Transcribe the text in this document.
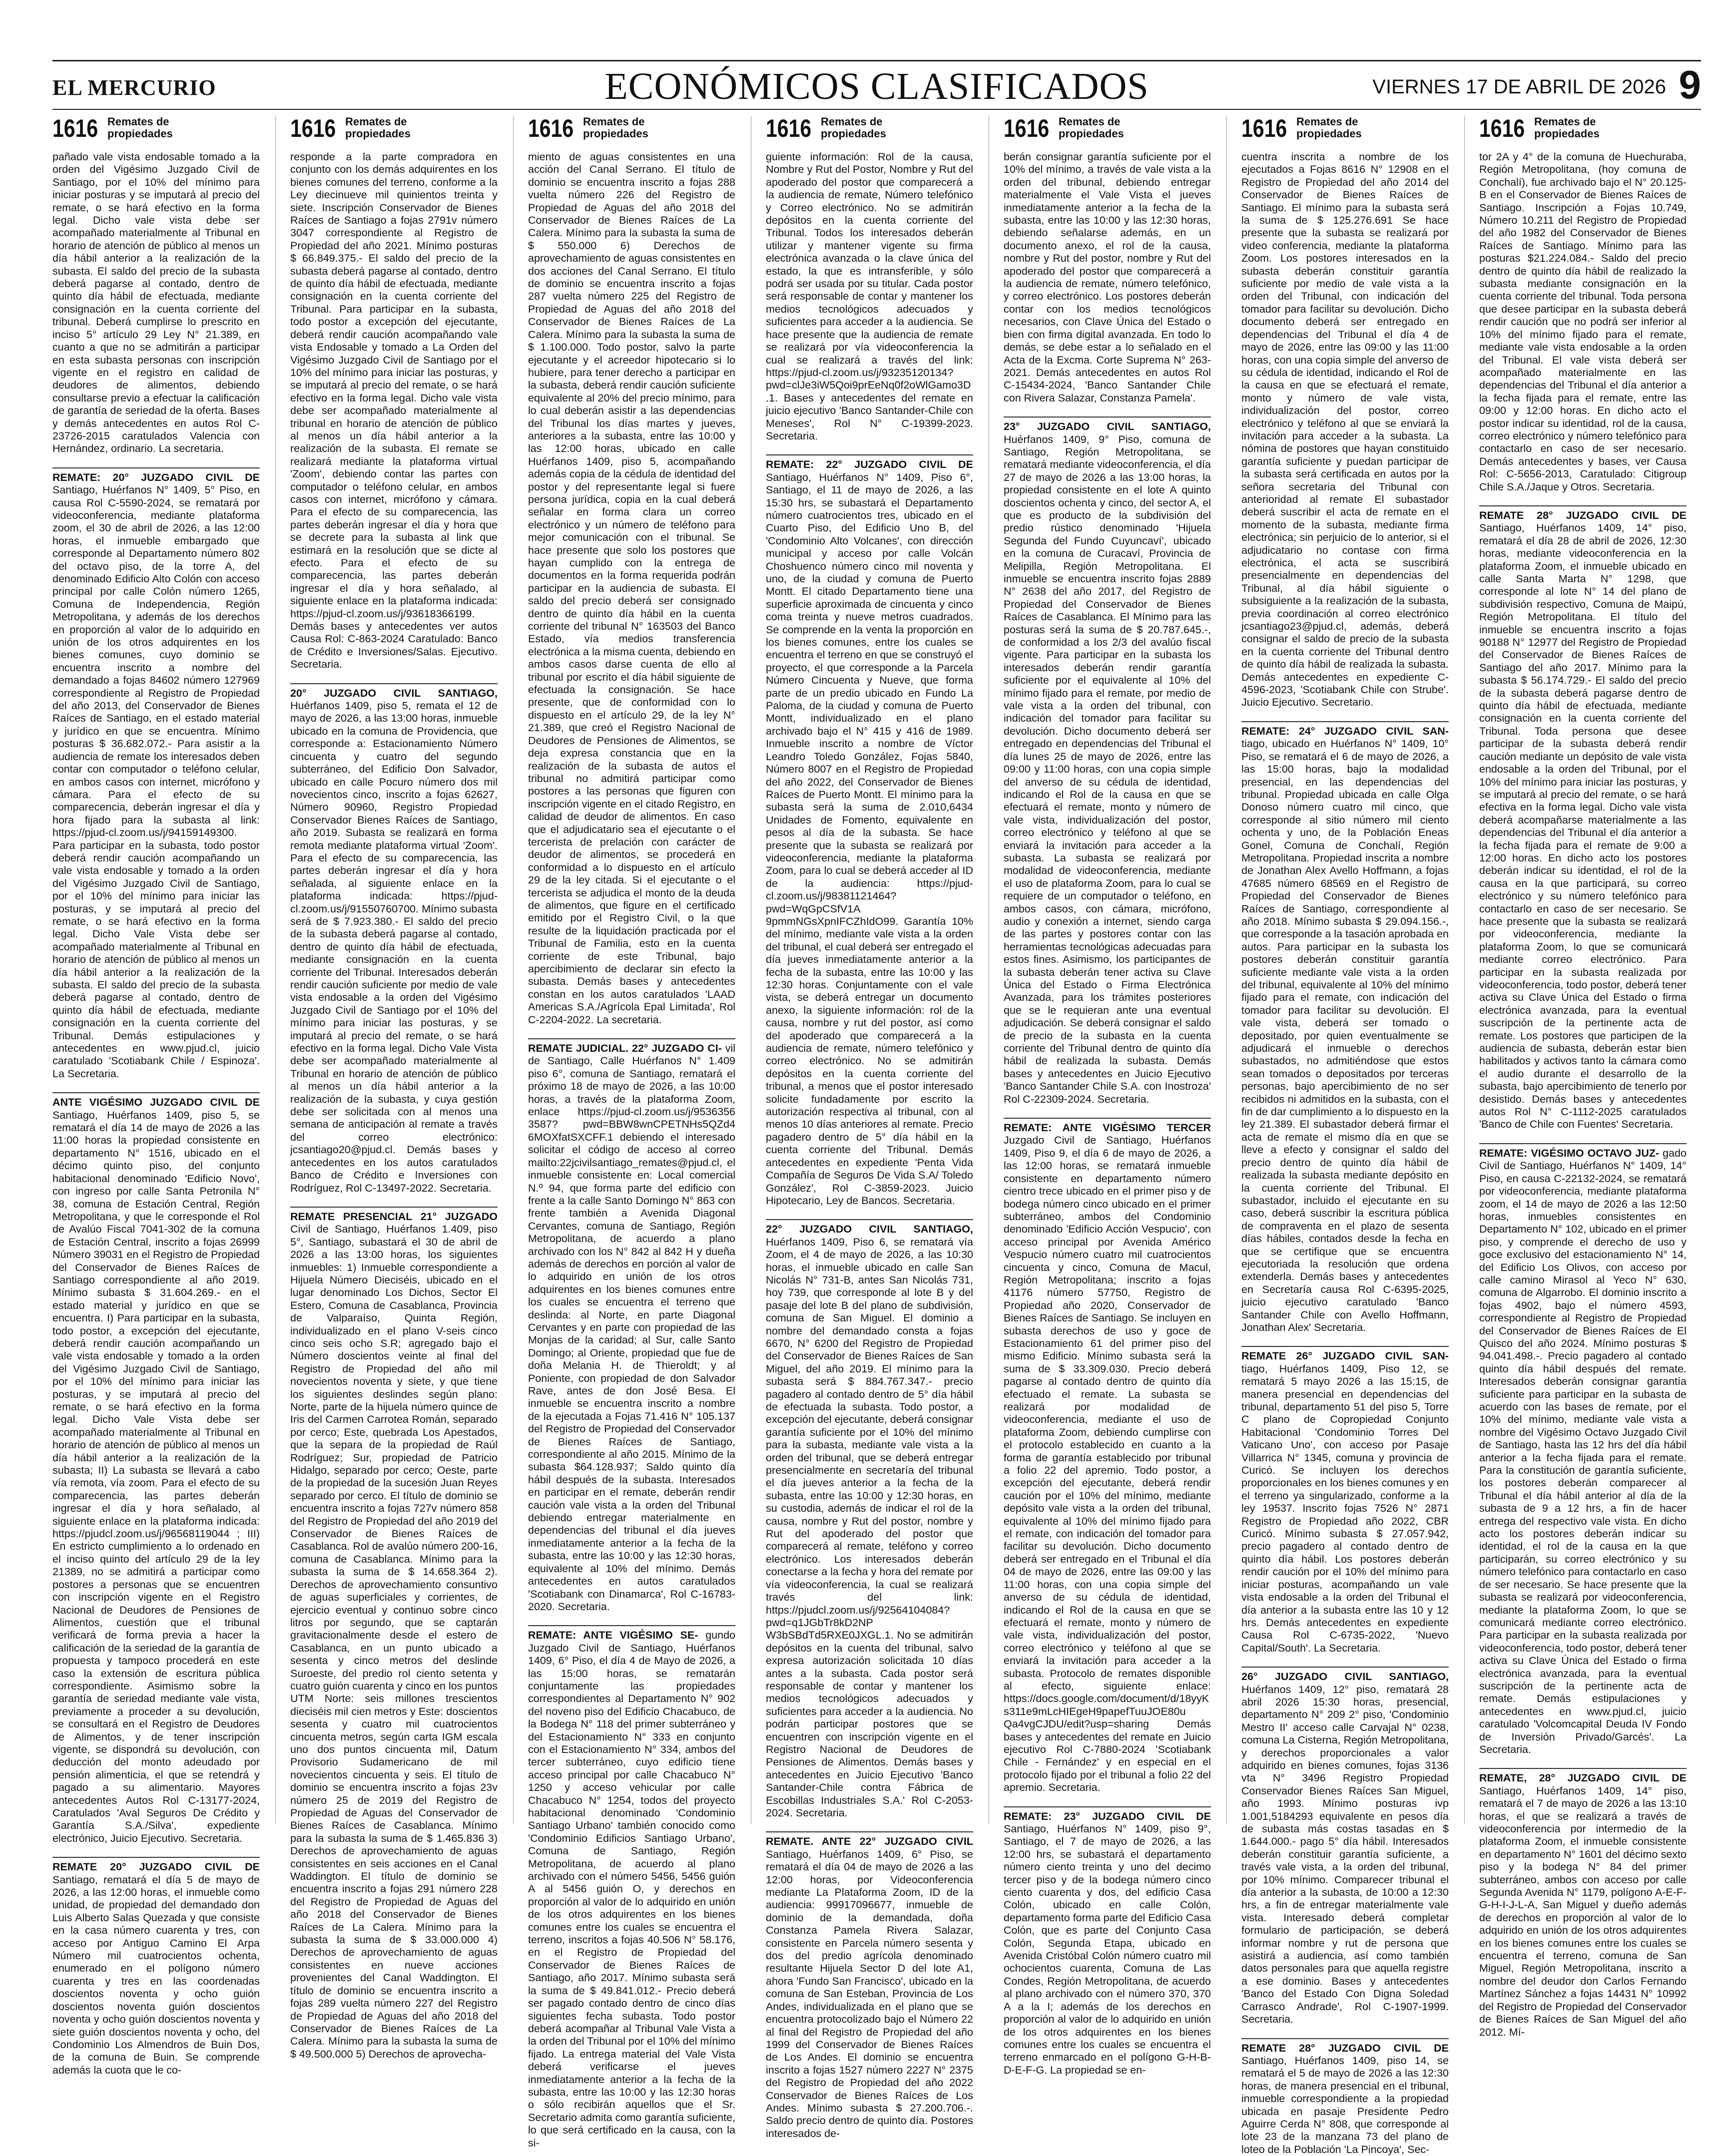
EL MERCURIO	ECONÓMICOS CLASIFICADOS	VIERNES 17 DE ABRIL DE 2026 9
1616 Remates de
propiedades
pañado vale vista endosable tomado a la orden del Vigésimo Juzgado Civil de Santiago, por el 10% del mínimo para iniciar posturas y se imputará al precio del remate, o se hará efectivo en la forma legal. Dicho vale vista debe ser acompañado materialmente al Tribunal en horario de atención de público al menos un día hábil anterior a la realización de la subasta. El saldo del precio de la subasta deberá pagarse al contado, dentro de quinto día hábil de efectuada, mediante consignación en la cuenta corriente del tribunal. Deberá cumplirse lo prescrito en inciso 5° artículo 29 Ley N° 21.389, en cuanto a que no se admitirán a participar en esta subasta personas con inscripción vigente en el registro en calidad de deudores de alimentos, debiendo consultarse previo a efectuar la calificación de garantía de seriedad de la oferta. Bases y demás antecedentes en autos Rol C-23726-2015 caratulados Valencia con Hernández, ordinario. La secretaria.
REMATE: 20° JUZGADO CIVIL DE Santiago, Huérfanos N° 1409, 5° Piso, en causa Rol C-5590-2024, se rematará por videoconferencia, mediante plataforma zoom, el 30 de abril de 2026, a las 12:00 horas, el inmueble embargado que corresponde al Departamento número 802 del octavo piso, de la torre A, del denominado Edificio Alto Colón con acceso principal por calle Colón número 1265, Comuna de Independencia, Región Metropolitana, y además de los derechos en proporción al valor de lo adquirido en unión de los otros adquirentes en los bienes comunes, cuyo dominio se encuentra inscrito a nombre del demandado a fojas 84602 número 127969 correspondiente al Registro de Propiedad del año 2013, del Conservador de Bienes Raíces de Santiago, en el estado material y jurídico en que se encuentra. Mínimo posturas $ 36.682.072.- Para asistir a la audiencia de remate los interesados deben contar con computador o teléfono celular, en ambos casos con internet, micrófono y cámara. Para el efecto de su comparecencia, deberán ingresar el día y hora fijado para la subasta al link: https://pjud-cl.zoom.us/j/94159149300. Para participar en la subasta, todo postor deberá rendir caución acompañando un vale vista endosable y tomado a la orden del Vigésimo Juzgado Civil de Santiago, por el 10% del mínimo para iniciar las posturas, y se imputará al precio del remate, o se hará efectivo en la forma legal. Dicho Vale Vista debe ser acompañado materialmente al Tribunal en horario de atención de público al menos un día hábil anterior a la realización de la subasta. El saldo del precio de la subasta deberá pagarse al contado, dentro de quinto día hábil de efectuada, mediante consignación en la cuenta corriente del Tribunal. Demás estipulaciones y antecedentes en www.pjud.cl, juicio caratulado 'Scotiabank Chile / Espinoza'. La Secretaria.
ANTE VIGÉSIMO JUZGADO CIVIL DE Santiago, Huérfanos 1409, piso 5, se rematará el día 14 de mayo de 2026 a las 11:00 horas la propiedad consistente en departamento N° 1516, ubicado en el décimo quinto piso, del conjunto habitacional denominado 'Edificio Novo', con ingreso por calle Santa Petronila N° 38, comuna de Estación Central, Región Metropolitana, y que le corresponde el Rol de Avalúo Fiscal 7041-302 de la comuna de Estación Central, inscrito a fojas 26999 Número 39031 en el Registro de Propiedad del Conservador de Bienes Raíces de Santiago correspondiente al año 2019. Mínimo subasta $ 31.604.269.- en el estado material y jurídico en que se encuentra. I) Para participar en la subasta, todo postor, a excepción del ejecutante, deberá rendir caución acompañando un vale vista endosable y tomado a la orden del Vigésimo Juzgado Civil de Santiago, por el 10% del mínimo para iniciar las posturas, y se imputará al precio del remate, o se hará efectivo en la forma legal. Dicho Vale Vista debe ser acompañado materialmente al Tribunal en horario de atención de público al menos un día hábil anterior a la realización de la subasta; II) La subasta se llevará a cabo vía remota, vía zoom. Para el efecto de su comparecencia, las partes deberán ingresar el día y hora señalado, al siguiente enlace en la plataforma indicada: https://pjudcl.zoom.us/j/96568119044 ; III) En estricto cumplimiento a lo ordenado en el inciso quinto del artículo 29 de la ley 21389, no se admitirá a participar como postores a personas que se encuentren con inscripción vigente en el Registro Nacional de Deudores de Pensiones de Alimentos, cuestión que el tribunal verificará de forma previa a hacer la calificación de la seriedad de la garantía de propuesta y tampoco procederá en este caso la extensión de escritura pública correspondiente. Asimismo sobre la garantía de seriedad mediante vale vista, previamente a proceder a su devolución, se consultará en el Registro de Deudores de Alimentos, y de tener inscripción vigente, se dispondrá su devolución, con deducción del monto adeudado por pensión alimenticia, el que se retendrá y pagado a su alimentario. Mayores antecedentes Autos Rol C-13177-2024, Caratulados 'Aval Seguros De Crédito y Garantía S.A./Silva', expediente electrónico, Juicio Ejecutivo. Secretaria.
REMATE 20° JUZGADO CIVIL DE Santiago, rematará el día 5 de mayo de 2026, a las 12:00 horas, el inmueble como unidad, de propiedad del demandado don Luis Alberto Salas Quezada y que consiste en la casa número cuarenta y tres, con acceso por Antiguo Camino El Arpa Número mil cuatrocientos ochenta, enumerado en el polígono número cuarenta y tres en las coordenadas doscientos noventa y ocho guión doscientos noventa guión doscientos noventa y ocho guión doscientos noventa y siete guión doscientos noventa y ocho, del Condominio Los Almendros de Buin Dos, de la comuna de Buin. Se comprende además la cuota que le co-
1616 Remates de
propiedades
responde a la parte compradora en conjunto con los demás adquirentes en los bienes comunes del terreno, conforme a la Ley diecinueve mil quinientos treinta y siete. Inscripción Conservador de Bienes Raíces de Santiago a fojas 2791v número 3047 correspondiente al Registro de Propiedad del año 2021. Mínimo posturas $ 66.849.375.- El saldo del precio de la subasta deberá pagarse al contado, dentro de quinto día hábil de efectuada, mediante consignación en la cuenta corriente del Tribunal. Para participar en la subasta, todo postor a excepción del ejecutante, deberá rendir caución acompañando vale vista Endosable y tomado a La Orden del Vigésimo Juzgado Civil de Santiago por el 10% del mínimo para iniciar las posturas, y se imputará al precio del remate, o se hará efectivo en la forma legal. Dicho vale vista debe ser acompañado materialmente al tribunal en horario de atención de público al menos un día hábil anterior a la realización de la subasta. El remate se realizará mediante la plataforma virtual 'Zoom', debiendo contar las partes con computador o teléfono celular, en ambos casos con internet, micrófono y cámara. Para el efecto de su comparecencia, las partes deberán ingresar el día y hora que se decrete para la subasta al link que estimará en la resolución que se dicte al efecto. Para el efecto de su comparecencia, las partes deberán ingresar el día y hora señalado, al siguiente enlace en la plataforma indicada: https://pjud-cl.zoom.us/j/93618366199. Demás bases y antecedentes ver autos Causa Rol: C-863-2024 Caratulado: Banco de Crédito e Inversiones/Salas. Ejecutivo. Secretaria.
20° JUZGADO CIVIL SANTIAGO, Huérfanos 1409, piso 5, remata el 12 de mayo de 2026, a las 13:00 horas, inmueble ubicado en la comuna de Providencia, que corresponde a: Estacionamiento Número cincuenta y cuatro del segundo subterráneo, del Edificio Don Salvador, ubicado en calle Pocuro número dos mil novecientos cinco, inscrito a fojas 62627, Número 90960, Registro Propiedad Conservador Bienes Raíces de Santiago, año 2019. Subasta se realizará en forma remota mediante plataforma virtual 'Zoom'. Para el efecto de su comparecencia, las partes deberán ingresar el día y hora señalada, al siguiente enlace en la plataforma indicada: https://pjud-cl.zoom.us/j/91550760700. Mínimo subasta será de $ 7.923.380.- El saldo del precio de la subasta deberá pagarse al contado, dentro de quinto día hábil de efectuada, mediante consignación en la cuenta corriente del Tribunal. Interesados deberán rendir caución suficiente por medio de vale vista endosable a la orden del Vigésimo Juzgado Civil de Santiago por el 10% del mínimo para iniciar las posturas, y se imputará al precio del remate, o se hará efectivo en la forma legal. Dicho Vale Vista debe ser acompañado materialmente al Tribunal en horario de atención de público al menos un día hábil anterior a la realización de la subasta, y cuya gestión debe ser solicitada con al menos una semana de anticipación al remate a través del correo electrónico: jcsantiago20@pjud.cl. Demás bases y antecedentes en los autos caratulados Banco de Crédito e Inversiones con Rodríguez, Rol C-13497-2022. Secretaria.
REMATE PRESENCIAL 21° JUZGADO Civil de Santiago, Huérfanos 1.409, piso 5°, Santiago, subastará el 30 de abril de 2026 a las 13:00 horas, los siguientes inmuebles: 1) Inmueble correspondiente a Hijuela Número Dieciséis, ubicado en el lugar denominado Los Dichos, Sector El Estero, Comuna de Casablanca, Provincia de Valparaíso, Quinta Región, individualizado en el plano V-seis cinco cinco seis ocho S.R; agregado bajo el Número doscientos veinte al final del Registro de Propiedad del año mil novecientos noventa y siete, y que tiene los siguientes deslindes según plano: Norte, parte de la hijuela número quince de Iris del Carmen Carrotea Román, separado por cerco; Este, quebrada Los Apestados, que la separa de la propiedad de Raúl Rodríguez; Sur, propiedad de Patricio Hidalgo, separado por cerco; Oeste, parte de la propiedad de la sucesión Juan Reyes separado por cerco. El título de dominio se encuentra inscrito a fojas 727v número 858 del Registro de Propiedad del año 2019 del Conservador de Bienes Raíces de Casablanca. Rol de avalúo número 200-16, comuna de Casablanca. Mínimo para la subasta la suma de $ 14.658.364 2). Derechos de aprovechamiento consuntivo de aguas superficiales y corrientes, de ejercicio eventual y continuo sobre cinco litros por segundo, que se captarán gravitacionalmente desde el estero de Casablanca, en un punto ubicado a sesenta y cinco metros del deslinde Suroeste, del predio rol ciento setenta y cuatro guión cuarenta y cinco en los puntos UTM Norte: seis millones trescientos dieciséis mil cien metros y Este: doscientos sesenta y cuatro mil cuatrocientos cincuenta metros, según carta IGM escala uno dos puntos cincuenta mil, Datum Provisorio Sudamericano de mil novecientos cincuenta y seis. El título de dominio se encuentra inscrito a fojas 23v número 25 de 2019 del Registro de Propiedad de Aguas del Conservador de Bienes Raíces de Casablanca. Mínimo para la subasta la suma de $ 1.465.836 3) Derechos de aprovechamiento de aguas consistentes en seis acciones en el Canal Waddington. El título de dominio se encuentra inscrito a fojas 291 número 228 del Registro de Propiedad de Aguas del año 2018 del Conservador de Bienes Raíces de La Calera. Mínimo para la subasta la suma de $ 33.000.000 4) Derechos de aprovechamiento de aguas consistentes en nueve acciones provenientes del Canal Waddington. El título de dominio se encuentra inscrito a fojas 289 vuelta número 227 del Registro de Propiedad de Aguas del año 2018 del Conservador de Bienes Raíces de La Calera. Mínimo para la subasta la suma de $ 49.500.000 5) Derechos de aprovecha-
1616 Remates de
propiedades
miento de aguas consistentes en una acción del Canal Serrano. El título de dominio se encuentra inscrito a fojas 288 vuelta número 226 del Registro de Propiedad de Aguas del año 2018 del Conservador de Bienes Raíces de La Calera. Mínimo para la subasta la suma de $ 550.000 6) Derechos de aprovechamiento de aguas consistentes en dos acciones del Canal Serrano. El título de dominio se encuentra inscrito a fojas 287 vuelta número 225 del Registro de Propiedad de Aguas del año 2018 del Conservador de Bienes Raíces de La Calera. Mínimo para la subasta la suma de $ 1.100.000. Todo postor, salvo la parte ejecutante y el acreedor hipotecario si lo hubiere, para tener derecho a participar en la subasta, deberá rendir caución suficiente equivalente al 20% del precio mínimo, para lo cual deberán asistir a las dependencias del Tribunal los días martes y jueves, anteriores a la subasta, entre las 10:00 y las 12:00 horas, ubicado en calle Huérfanos 1409, piso 5, acompañando además copia de la cédula de identidad del postor y del representante legal si fuere persona jurídica, copia en la cual deberá señalar en forma clara un correo electrónico y un número de teléfono para mejor comunicación con el tribunal. Se hace presente que solo los postores que hayan cumplido con la entrega de documentos en la forma requerida podrán participar en la audiencia de subasta. El saldo del precio deberá ser consignado dentro de quinto día hábil en la cuenta corriente del tribunal N° 163503 del Banco Estado, vía medios transferencia electrónica a la misma cuenta, debiendo en ambos casos darse cuenta de ello al tribunal por escrito el día hábil siguiente de efectuada la consignación. Se hace presente, que de conformidad con lo dispuesto en el artículo 29, de la ley N° 21.389, que creó el Registro Nacional de Deudores de Pensiones de Alimentos, se deja expresa constancia que en la realización de la subasta de autos el tribunal no admitirá participar como postores a las personas que figuren con inscripción vigente en el citado Registro, en calidad de deudor de alimentos. En caso que el adjudicatario sea el ejecutante o el tercerista de prelación con carácter de deudor de alimentos, se procederá en conformidad a lo dispuesto en el artículo 29 de la ley citada. Si el ejecutante o el tercerista se adjudica el monto de la deuda de alimentos, que figure en el certificado emitido por el Registro Civil, o la que resulte de la liquidación practicada por el Tribunal de Familia, esto en la cuenta corriente de este Tribunal, bajo apercibimiento de declarar sin efecto la subasta. Demás bases y antecedentes constan en los autos caratulados 'LAAD Americas S.A./Agrícola Epal Limitada', Rol C-2204-2022. La secretaria.
REMATE JUDICIAL. 22° JUZGADO CI- vil de Santiago, Calle Huérfanos N° 1.409 piso 6°, comuna de Santiago, rematará el próximo 18 de mayo de 2026, a las 10:00 horas, a través de la plataforma Zoom, enlace https://pjud-cl.zoom.us/j/9536356 3587? pwd=BBW8wnCPETNHs5QZd4 6MOXfatSXCFF.1 debiendo el interesado solicitar el código de acceso al correo mailto:22jcivilsantiago_remates@pjud.cl, el inmueble consistente en: Local comercial N.º 94, que forma parte del edificio con frente a la calle Santo Domingo N° 863 con frente también a Avenida Diagonal Cervantes, comuna de Santiago, Región Metropolitana, de acuerdo a plano archivado con los N° 842 al 842 H y dueña además de derechos en porción al valor de lo adquirido en unión de los otros adquirentes en los bienes comunes entre los cuales se encuentra el terreno que deslinda: al Norte, en parte Diagonal Cervantes y en parte con propiedad de las Monjas de la caridad; al Sur, calle Santo Domingo; al Oriente, propiedad que fue de doña Melania H. de Thieroldt; y al Poniente, con propiedad de don Salvador Rave, antes de don José Besa. El inmueble se encuentra inscrito a nombre de la ejecutada a Fojas 71.416 N° 105.137 del Registro de Propiedad del Conservador de Bienes Raíces de Santiago, correspondiente al año 2015. Mínimo de la subasta $64.128.937; Saldo quinto día hábil después de la subasta. Interesados en participar en el remate, deberán rendir caución vale vista a la orden del Tribunal debiendo entregar materialmente en dependencias del tribunal el día jueves inmediatamente anterior a la fecha de la subasta, entre las 10:00 y las 12:30 horas, equivalente al 10% del mínimo. Demás antecedentes en autos caratulados 'Scotiabank con Dinamarca', Rol C-16783-2020. Secretaria.
REMATE: ANTE VIGÉSIMO SE- gundo Juzgado Civil de Santiago, Huérfanos 1409, 6° Piso, el día 4 de Mayo de 2026, a las 15:00 horas, se rematarán conjuntamente las propiedades correspondientes al Departamento N° 902 del noveno piso del Edificio Chacabuco, de la Bodega N° 118 del primer subterráneo y del Estacionamiento N° 333 en conjunto con el Estacionamiento N° 334, ambos del tercer subterráneo, cuyo edificio tiene acceso principal por calle Chacabuco N° 1250 y acceso vehicular por calle Chacabuco N° 1254, todos del proyecto habitacional denominado 'Condominio Santiago Urbano' también conocido como 'Condominio Edificios Santiago Urbano', Comuna de Santiago, Región Metropolitana, de acuerdo al plano archivado con el número 5456, 5456 guión A al 5456 guión O, y derechos en proporción al valor de lo adquirido en unión de los otros adquirentes en los bienes comunes entre los cuales se encuentra el terreno, inscritos a fojas 40.506 N° 58.176, en el Registro de Propiedad del Conservador de Bienes Raíces de Santiago, año 2017. Mínimo subasta será la suma de $ 49.841.012.- Precio deberá ser pagado contado dentro de cinco días siguientes fecha subasta. Todo postor deberá acompañar al Tribunal Vale Vista a la orden del Tribunal por el 10% del mínimo fijado. La entrega material del Vale Vista deberá verificarse el jueves inmediatamente anterior a la fecha de la subasta, entre las 10:00 y las 12:30 horas o sólo recibirán aquellos que el Sr. Secretario admita como garantía suficiente, lo que será certificado en la causa, con la si-
1616 Remates de
propiedades
guiente información: Rol de la causa, Nombre y Rut del Postor, Nombre y Rut del apoderado del postor que comparecerá a la audiencia de remate, Número telefónico y Correo electrónico. No se admitirán depósitos en la cuenta corriente del Tribunal. Todos los interesados deberán utilizar y mantener vigente su firma electrónica avanzada o la clave única del estado, la que es intransferible, y sólo podrá ser usada por su titular. Cada postor será responsable de contar y mantener los medios tecnológicos adecuados y suficientes para acceder a la audiencia. Se hace presente que la audiencia de remate se realizará por vía videoconferencia la cual se realizará a través del link: https://pjud-cl.zoom.us/j/93235120134?pwd=clJe3iW5Qoi9prEeNq0f2oWlGamo3D.1. Bases y antecedentes del remate en juicio ejecutivo 'Banco Santander-Chile con Meneses', Rol N° C-19399-2023. Secretaria.
REMATE: 22° JUZGADO CIVIL DE Santiago, Huérfanos N° 1409, Piso 6°, Santiago, el 11 de mayo de 2026, a las 15:30 hrs, se subastará el Departamento número cuatrocientos tres, ubicado en el Cuarto Piso, del Edificio Uno B, del 'Condominio Alto Volcanes', con dirección municipal y acceso por calle Volcán Choshuenco número cinco mil noventa y uno, de la ciudad y comuna de Puerto Montt. El citado Departamento tiene una superficie aproximada de cincuenta y cinco coma treinta y nueve metros cuadrados. Se comprende en la venta la proporción en los bienes comunes, entre los cuales se encuentra el terreno en que se construyó el proyecto, el que corresponde a la Parcela Número Cincuenta y Nueve, que forma parte de un predio ubicado en Fundo La Paloma, de la ciudad y comuna de Puerto Montt, individualizado en el plano archivado bajo el N° 415 y 416 de 1989. Inmueble inscrito a nombre de Víctor Leandro Toledo González, Fojas 5840, Número 8007 en el Registro de Propiedad del año 2022, del Conservador de Bienes Raíces de Puerto Montt. El mínimo para la subasta será la suma de 2.010,6434 Unidades de Fomento, equivalente en pesos al día de la subasta. Se hace presente que la subasta se realizará por videoconferencia, mediante la plataforma Zoom, para lo cual se deberá acceder al ID de la audiencia: https://pjud-cl.zoom.us/j/98381121464? pwd=WqGpCSfV1A 9pmmNGsXpnIFCZhIdO99. Garantía 10% del mínimo, mediante vale vista a la orden del tribunal, el cual deberá ser entregado el día jueves inmediatamente anterior a la fecha de la subasta, entre las 10:00 y las 12:30 horas. Conjuntamente con el vale vista, se deberá entregar un documento anexo, la siguiente información: rol de la causa, nombre y rut del postor, así como del apoderado que comparecerá a la audiencia de remate, número telefónico y correo electrónico. No se admitirán depósitos en la cuenta corriente del tribunal, a menos que el postor interesado solicite fundadamente por escrito la autorización respectiva al tribunal, con al menos 10 días anteriores al remate. Precio pagadero dentro de 5° día hábil en la cuenta corriente del Tribunal. Demás antecedentes en expediente 'Penta Vida Compañía de Seguros De Vida S.A/ Toledo González', Rol C-3859-2023. Juicio Hipotecario, Ley de Bancos. Secretaria.
22° JUZGADO CIVIL SANTIAGO, Huérfanos 1409, Piso 6, se rematará vía Zoom, el 4 de mayo de 2026, a las 10:30 horas, el inmueble ubicado en calle San Nicolás N° 731-B, antes San Nicolás 731, hoy 739, que corresponde al lote B y del pasaje del lote B del plano de subdivisión, comuna de San Miguel. El dominio a nombre del demandado consta a fojas 6670, N° 6200 del Registro de Propiedad del Conservador de Bienes Raíces de San Miguel, del año 2019. El mínimo para la subasta será $ 884.767.347.- precio pagadero al contado dentro de 5° día hábil de efectuada la subasta. Todo postor, a excepción del ejecutante, deberá consignar garantía suficiente por el 10% del mínimo para la subasta, mediante vale vista a la orden del tribunal, que se deberá entregar presencialmente en secretaría del tribunal el día jueves anterior a la fecha de la subasta, entre las 10:00 y 12:30 horas, en su custodia, además de indicar el rol de la causa, nombre y Rut del postor, nombre y Rut del apoderado del postor que comparecerá al remate, teléfono y correo electrónico. Los interesados deberán conectarse a la fecha y hora del remate por vía videoconferencia, la cual se realizará través del link: https://pjudcl.zoom.us/j/92564104084?pwd=q1JGbTr8kD2NP W3bSBdTd5RXE0JXGL.1. No se admitirán depósitos en la cuenta del tribunal, salvo expresa autorización solicitada 10 días antes a la subasta. Cada postor será responsable de contar y mantener los medios tecnológicos adecuados y suficientes para acceder a la audiencia. No podrán participar postores que se encuentren con inscripción vigente en el Registro Nacional de Deudores de Pensiones de Alimentos. Demás bases y antecedentes en Juicio Ejecutivo 'Banco Santander-Chile contra Fábrica de Escobillas Industriales S.A.' Rol C-2053-2024. Secretaria.
REMATE. ANTE 22° JUZGADO CIVIL Santiago, Huérfanos 1409, 6° Piso, se rematará el día 04 de mayo de 2026 a las 12:00 horas, por Videoconferencia mediante La Plataforma Zoom, ID de la audiencia: 99917096677, inmueble de dominio de la demandada, doña Constanza Pamela Rivera Salazar, consistente en Parcela número sesenta y dos del predio agrícola denominado resultante Hijuela Sector D del lote A1, ahora 'Fundo San Francisco', ubicado en la comuna de San Esteban, Provincia de Los Andes, individualizada en el plano que se encuentra protocolizado bajo el Número 22 al final del Registro de Propiedad del año 1999 del Conservador de Bienes Raíces de Los Andes. El dominio se encuentra inscrito a fojas 1527 número 2227 N° 2375 del Registro de Propiedad del año 2022 Conservador de Bienes Raíces de Los Andes. Mínimo subasta $ 27.200.706.-. Saldo precio dentro de quinto día. Postores interesados de-
1616 Remates de
propiedades
berán consignar garantía suficiente por el 10% del mínimo, a través de vale vista a la orden del tribunal, debiendo entregar materialmente el Vale Vista el jueves inmediatamente anterior a la fecha de la subasta, entre las 10:00 y las 12:30 horas, debiendo señalarse además, en un documento anexo, el rol de la causa, nombre y Rut del postor, nombre y Rut del apoderado del postor que comparecerá a la audiencia de remate, número telefónico, y correo electrónico. Los postores deberán contar con los medios tecnológicos necesarios, con Clave Única del Estado o bien con firma digital avanzada. En todo lo demás, se debe estar a lo señalado en el Acta de la Excma. Corte Suprema N° 263-2021. Demás antecedentes en autos Rol C-15434-2024, 'Banco Santander Chile con Rivera Salazar, Constanza Pamela'.
23° JUZGADO CIVIL SANTIAGO, Huérfanos 1409, 9° Piso, comuna de Santiago, Región Metropolitana, se rematará mediante videoconferencia, el día 27 de mayo de 2026 a las 13:00 horas, la propiedad consistente en el lote A quinto doscientos ochenta y cinco, del sector A, el que es producto de la subdivisión del predio rústico denominado 'Hijuela Segunda del Fundo Cuyuncaví', ubicado en la comuna de Curacaví, Provincia de Melipilla, Región Metropolitana. El inmueble se encuentra inscrito fojas 2889 N° 2638 del año 2017, del Registro de Propiedad del Conservador de Bienes Raíces de Casablanca. El Mínimo para las posturas será la suma de $ 20.787.645.-, de conformidad a los 2/3 del avalúo fiscal vigente. Para participar en la subasta los interesados deberán rendir garantía suficiente por el equivalente al 10% del mínimo fijado para el remate, por medio de vale vista a la orden del tribunal, con indicación del tomador para facilitar su devolución. Dicho documento deberá ser entregado en dependencias del Tribunal el día lunes 25 de mayo de 2026, entre las 09:00 y 11:00 horas, con una copia simple del anverso de su cédula de identidad, indicando el Rol de la causa en que se efectuará el remate, monto y número de vale vista, individualización del postor, correo electrónico y teléfono al que se enviará la invitación para acceder a la subasta. La subasta se realizará por modalidad de videoconferencia, mediante el uso de plataforma Zoom, para lo cual se requiere de un computador o teléfono, en ambos casos, con cámara, micrófono, audio y conexión a internet, siendo carga de las partes y postores contar con las herramientas tecnológicas adecuadas para estos fines. Asimismo, los participantes de la subasta deberán tener activa su Clave Única del Estado o Firma Electrónica Avanzada, para los trámites posteriores que se le requieran ante una eventual adjudicación. Se deberá consignar el saldo de precio de la subasta en la cuenta corriente del Tribunal dentro de quinto día hábil de realizada la subasta. Demás bases y antecedentes en Juicio Ejecutivo 'Banco Santander Chile S.A. con Inostroza' Rol C-22309-2024. Secretaria.
REMATE: ANTE VIGÉSIMO TERCER Juzgado Civil de Santiago, Huérfanos 1409, Piso 9, el día 6 de mayo de 2026, a las 12:00 horas, se rematará inmueble consistente en departamento número cientro trece ubicado en el primer piso y de bodega número cinco ubicado en el primer subterráneo, ambos del Condominio denominado 'Edificio Acción Vespucio', con acceso principal por Avenida Américo Vespucio número cuatro mil cuatrocientos cincuenta y cinco, Comuna de Macul, Región Metropolitana; inscrito a fojas 41176 número 57750, Registro de Propiedad año 2020, Conservador de Bienes Raíces de Santiago. Se incluyen en subasta derechos de uso y goce de Estacionamiento 61 del primer piso del mismo Edificio. Mínimo subasta será la suma de $ 33.309.030. Precio deberá pagarse al contado dentro de quinto día efectuado el remate. La subasta se realizará por modalidad de videoconferencia, mediante el uso de plataforma Zoom, debiendo cumplirse con el protocolo establecido en cuanto a la forma de garantía establecido por tribunal a folio 22 del apremio. Todo postor, a excepción del ejecutante, deberá rendir caución por el 10% del mínimo, mediante depósito vale vista a la orden del tribunal, equivalente al 10% del mínimo fijado para el remate, con indicación del tomador para facilitar su devolución. Dicho documento deberá ser entregado en el Tribunal el día 04 de mayo de 2026, entre las 09:00 y las 11:00 horas, con una copia simple del anverso de su cédula de identidad, indicando el Rol de la causa en que se efectuará el remate, monto y número de vale vista, individualización del postor, correo electrónico y teléfono al que se enviará la invitación para acceder a la subasta. Protocolo de remates disponible al efecto, siguiente enlace: https://docs.google.com/document/d/18yyKs311e9mLcHIEgeH9papefTuuJOE80u Qa4vgCJDU/edit?usp=sharing Demás bases y antecedentes del remate en Juicio ejecutivo Rol C-7880-2024 'Scotiabank Chile - Fernández' y en especial en el protocolo fijado por el tribunal a folio 22 del apremio. Secretaria.
REMATE: 23° JUZGADO CIVIL DE Santiago, Huérfanos N° 1409, piso 9°, Santiago, el 7 de mayo de 2026, a las 12:00 hrs, se subastará el departamento número ciento treinta y uno del decimo tercer piso y de la bodega número cinco ciento cuarenta y dos, del edificio Casa Colón, ubicado en calle Colón, departamento forma parte del Edificio Casa Colón, que es parte del Conjunto Casa Colón, Segunda Etapa, ubicado en Avenida Cristóbal Colón número cuatro mil ochocientos cuarenta, Comuna de Las Condes, Región Metropolitana, de acuerdo al plano archivado con el número 370, 370 A a la I; además de los derechos en proporción al valor de lo adquirido en unión de los otros adquirentes en los bienes comunes entre los cuales se encuentra el terreno enmarcado en el polígono G-H-B-D-E-F-G. La propiedad se en-
1616 Remates de
propiedades
cuentra inscrita a nombre de los ejecutados a Fojas 8616 N° 12908 en el Registro de Propiedad del año 2014 del Conservador de Bienes Raíces de Santiago. El mínimo para la subasta será la suma de $ 125.276.691 Se hace presente que la subasta se realizará por video conferencia, mediante la plataforma Zoom. Los postores interesados en la subasta deberán constituir garantía suficiente por medio de vale vista a la orden del Tribunal, con indicación del tomador para facilitar su devolución. Dicho documento deberá ser entregado en dependencias del Tribunal el día 4 de mayo de 2026, entre las 09:00 y las 11:00 horas, con una copia simple del anverso de su cédula de identidad, indicando el Rol de la causa en que se efectuará el remate, monto y número de vale vista, individualización del postor, correo electrónico y teléfono al que se enviará la invitación para acceder a la subasta. La nómina de postores que hayan constituido garantía suficiente y puedan participar de la subasta será certificada en autos por la señora secretaria del Tribunal con anterioridad al remate El subastador deberá suscribir el acta de remate en el momento de la subasta, mediante firma electrónica; sin perjuicio de lo anterior, si el adjudicatario no contase con firma electrónica, el acta se suscribirá presencialmente en dependencias del Tribunal, al día hábil siguiente o subsiguiente a la realización de la subasta, previa coordinación al correo electrónico jcsantiago23@pjud.cl, además, deberá consignar el saldo de precio de la subasta en la cuenta corriente del Tribunal dentro de quinto día hábil de realizada la subasta. Demás antecedentes en expediente C-4596-2023, 'Scotiabank Chile con Strube'. Juicio Ejecutivo. Secretario.
REMATE: 24° JUZGADO CIVIL SAN- tiago, ubicado en Huérfanos N° 1409, 10° Piso, se rematará el 6 de mayo de 2026, a las 15:00 horas, bajo la modalidad presencial, en las dependencias del tribunal. Propiedad ubicada en calle Olga Donoso número cuatro mil cinco, que corresponde al sitio número mil ciento ochenta y uno, de la Población Eneas Gonel, Comuna de Conchalí, Región Metropolitana. Propiedad inscrita a nombre de Jonathan Alex Avello Hoffmann, a fojas 47685 número 68569 en el Registro de Propiedad del Conservador de Bienes Raíces de Santiago, correspondiente al año 2018. Mínimo subasta $ 29.094.156.-, que corresponde a la tasación aprobada en autos. Para participar en la subasta los postores deberán constituir garantía suficiente mediante vale vista a la orden del tribunal, equivalente al 10% del mínimo fijado para el remate, con indicación del tomador para facilitar su devolución. El vale vista, deberá ser tomado o depositado, por quien eventualmente se adjudicará el inmueble o derechos subastados, no admitiéndose que estos sean tomados o depositados por terceras personas, bajo apercibimiento de no ser recibidos ni admitidos en la subasta, con el fin de dar cumplimiento a lo dispuesto en la ley 21.389. El subastador deberá firmar el acta de remate el mismo día en que se lleve a efecto y consignar el saldo del precio dentro de quinto día hábil de realizada la subasta mediante depósito en la cuenta corriente del Tribunal. El subastador, incluido el ejecutante en su caso, deberá suscribir la escritura pública de compraventa en el plazo de sesenta días hábiles, contados desde la fecha en que se certifique que se encuentra ejecutoriada la resolución que ordena extenderla. Demás bases y antecedentes en Secretaría causa Rol C-6395-2025, juicio ejecutivo caratulado 'Banco Santander Chile con Avello Hoffmann, Jonathan Alex' Secretaria.
REMATE 26° JUZGADO CIVIL SAN- tiago, Huérfanos 1409, Piso 12, se rematará 5 mayo 2026 a las 15:15, de manera presencial en dependencias del tribunal, departamento 51 del piso 5, Torre C plano de Copropiedad Conjunto Habitacional 'Condominio Torres Del Vaticano Uno', con acceso por Pasaje Villarrica N° 1345, comuna y provincia de Curicó. Se incluyen los derechos proporcionales en los bienes comunes y en el terreno ya singularizado, conforme a la ley 19537. Inscrito fojas 7526 N° 2871 Registro de Propiedad año 2022, CBR Curicó. Mínimo subasta $ 27.057.942, precio pagadero al contado dentro de quinto día hábil. Los postores deberán rendir caución por el 10% del mínimo para iniciar posturas, acompañando un vale vista endosable a la orden del Tribunal el día anterior a la subasta entre las 10 y 12 hrs. Demás antecedentes en expediente Causa Rol C-6735-2022, 'Nuevo Capital/South'. La Secretaria.
26° JUZGADO CIVIL SANTIAGO, Huérfanos 1409, 12° piso, rematará 28 abril 2026 15:30 horas, presencial, departamento N° 209 2° piso, 'Condominio Mestro II' acceso calle Carvajal N° 0238, comuna La Cisterna, Región Metropolitana, y derechos proporcionales a valor adquirido en bienes comunes, fojas 3136 vta N° 3496 Registro Propiedad Conservador Bienes Raíces San Miguel, año 1993. Mínimo posturas ivp 1.001,5184293 equivalente en pesos día de subasta más costas tasadas en $ 1.644.000.- pago 5° día hábil. Interesados deberán constituir garantía suficiente, a través vale vista, a la orden del tribunal, por 10% mínimo. Comparecer tribunal el día anterior a la subasta, de 10:00 a 12:30 hrs, a fin de entregar materialmente vale vista. Interesado deberá completar formulario de participación, se deberá informar nombre y rut de persona que asistirá a audiencia, así como también datos personales para que aquella registre a ese dominio. Bases y antecedentes 'Banco del Estado Con Digna Soledad Carrasco Andrade', Rol C-1907-1999. Secretaria.
REMATE 28° JUZGADO CIVIL DE Santiago, Huérfanos 1409, piso 14, se rematará el 5 de mayo de 2026 a las 12:30 horas, de manera presencial en el tribunal, inmueble correspondiente a la propiedad ubicada en pasaje Presidente Pedro Aguirre Cerda N° 808, que corresponde al lote 23 de la manzana 73 del plano de loteo de la Población 'La Pincoya', Sec-
1616 Remates de
propiedades
tor 2A y 4° de la comuna de Huechuraba, Región Metropolitana, (hoy comuna de Conchalí), fue archivado bajo el N° 20.125-B en el Conservador de Bienes Raíces de Santiago. Inscripción a Fojas 10.749, Número 10.211 del Registro de Propiedad del año 1982 del Conservador de Bienes Raíces de Santiago. Mínimo para las posturas $21.224.084.- Saldo del precio dentro de quinto día hábil de realizado la subasta mediante consignación en la cuenta corriente del tribunal. Toda persona que desee participar en la subasta deberá rendir caución que no podrá ser inferior al 10% del mínimo fijado para el remate, mediante vale vista endosable a la orden del Tribunal. El vale vista deberá ser acompañado materialmente en las dependencias del Tribunal el día anterior a la fecha fijada para el remate, entre las 09:00 y 12:00 horas. En dicho acto el postor indicar su identidad, rol de la causa, correo electrónico y número telefónico para contactarlo en caso de ser necesario. Demás antecedentes y bases, ver Causa Rol: C-5656-2013, Caratulado: Citigroup Chile S.A./Jaque y Otros. Secretaria.
REMATE 28° JUZGADO CIVIL DE Santiago, Huérfanos 1409, 14° piso, rematará el día 28 de abril de 2026, 12:30 horas, mediante videoconferencia en la plataforma Zoom, el inmueble ubicado en calle Santa Marta N° 1298, que corresponde al lote N° 14 del plano de subdivisión respectivo, Comuna de Maipú, Región Metropolitana. El título del inmueble se encuentra inscrito a fojas 90188 N° 12977 del Registro de Propiedad del Conservador de Bienes Raíces de Santiago del año 2017. Mínimo para la subasta $ 56.174.729.- El saldo del precio de la subasta deberá pagarse dentro de quinto día hábil de efectuada, mediante consignación en la cuenta corriente del Tribunal. Toda persona que desee participar de la subasta deberá rendir caución mediante un depósito de vale vista endosable a la orden del Tribunal, por el 10% del mínimo para iniciar las posturas, y se imputará al precio del remate, o se hará efectiva en la forma legal. Dicho vale vista deberá acompañarse materialmente a las dependencias del Tribunal el día anterior a la fecha fijada para el remate de 9:00 a 12:00 horas. En dicho acto los postores deberán indicar su identidad, el rol de la causa en la que participará, su correo electrónico y su número telefónico para contactarlo en caso de ser necesario. Se hace presente que la subasta se realizará por videoconferencia, mediante la plataforma Zoom, lo que se comunicará mediante correo electrónico. Para participar en la subasta realizada por videoconferencia, todo postor, deberá tener activa su Clave Única del Estado o firma electrónica avanzada, para la eventual suscripción de la pertinente acta de remate. Los postores que participen de la audiencia de subasta, deberán estar bien habilitados y activos tanto la cámara como el audio durante el desarrollo de la subasta, bajo apercibimiento de tenerlo por desistido. Demás bases y antecedentes autos Rol N° C-1112-2025 caratulados 'Banco de Chile con Fuentes' Secretaria.
REMATE: VIGÉSIMO OCTAVO JUZ- gado Civil de Santiago, Huérfanos N° 1409, 14° Piso, en causa C-22132-2024, se rematará por videoconferencia, mediante plataforma zoom, el 14 de mayo de 2026 a las 12:50 horas, inmuebles consistentes en Departamento N° 102, ubicado en el primer piso, y comprende el derecho de uso y goce exclusivo del estacionamiento N° 14, del Edificio Los Olivos, con acceso por calle camino Mirasol al Yeco N° 630, comuna de Algarrobo. El dominio inscrito a fojas 4902, bajo el número 4593, correspondiente al Registro de Propiedad del Conservador de Bienes Raíces de El Quisco del año 2024. Mínimo posturas $ 94.041.498.-. Precio pagadero al contado quinto día hábil después del remate. Interesados deberán consignar garantía suficiente para participar en la subasta de acuerdo con las bases de remate, por el 10% del mínimo, mediante vale vista a nombre del Vigésimo Octavo Juzgado Civil de Santiago, hasta las 12 hrs del día hábil anterior a la fecha fijada para el remate. Para la constitución de garantía suficiente, los postores deberán comparecer al Tribunal el día hábil anterior al día de la subasta de 9 a 12 hrs, a fin de hacer entrega del respectivo vale vista. En dicho acto los postores deberán indicar su identidad, el rol de la causa en la que participarán, su correo electrónico y su número telefónico para contactarlo en caso de ser necesario. Se hace presente que la subasta se realizará por videoconferencia, mediante la plataforma Zoom, lo que se comunicará mediante correo electrónico. Para participar en la subasta realizada por videoconferencia, todo postor, deberá tener activa su Clave Única del Estado o firma electrónica avanzada, para la eventual suscripción de la pertinente acta de remate. Demás estipulaciones y antecedentes en www.pjud.cl, juicio caratulado 'Volcomcapital Deuda IV Fondo de Inversión Privado/Garcés'. La Secretaria.
REMATE, 28° JUZGADO CIVIL DE Santiago, Huérfanos 1409, 14° piso, rematará el 7 de mayo de 2026 a las 13:10 horas, el que se realizará a través de videoconferencia por intermedio de la plataforma Zoom, el inmueble consistente en departamento N° 1601 del décimo sexto piso y la bodega N° 84 del primer subterráneo, ambos con acceso por calle Segunda Avenida N° 1179, polígono A-E-F-G-H-I-J-L-A, San Miguel y dueño además de derechos en proporción al valor de lo adquirido en unión de los otros adquirentes en los bienes comunes entre los cuales se encuentra el terreno, comuna de San Miguel, Región Metropolitana, inscrito a nombre del deudor don Carlos Fernando Martínez Sánchez a fojas 14431 N° 10992 del Registro de Propiedad del Conservador de Bienes Raíces de San Miguel del año 2012. Mí-
